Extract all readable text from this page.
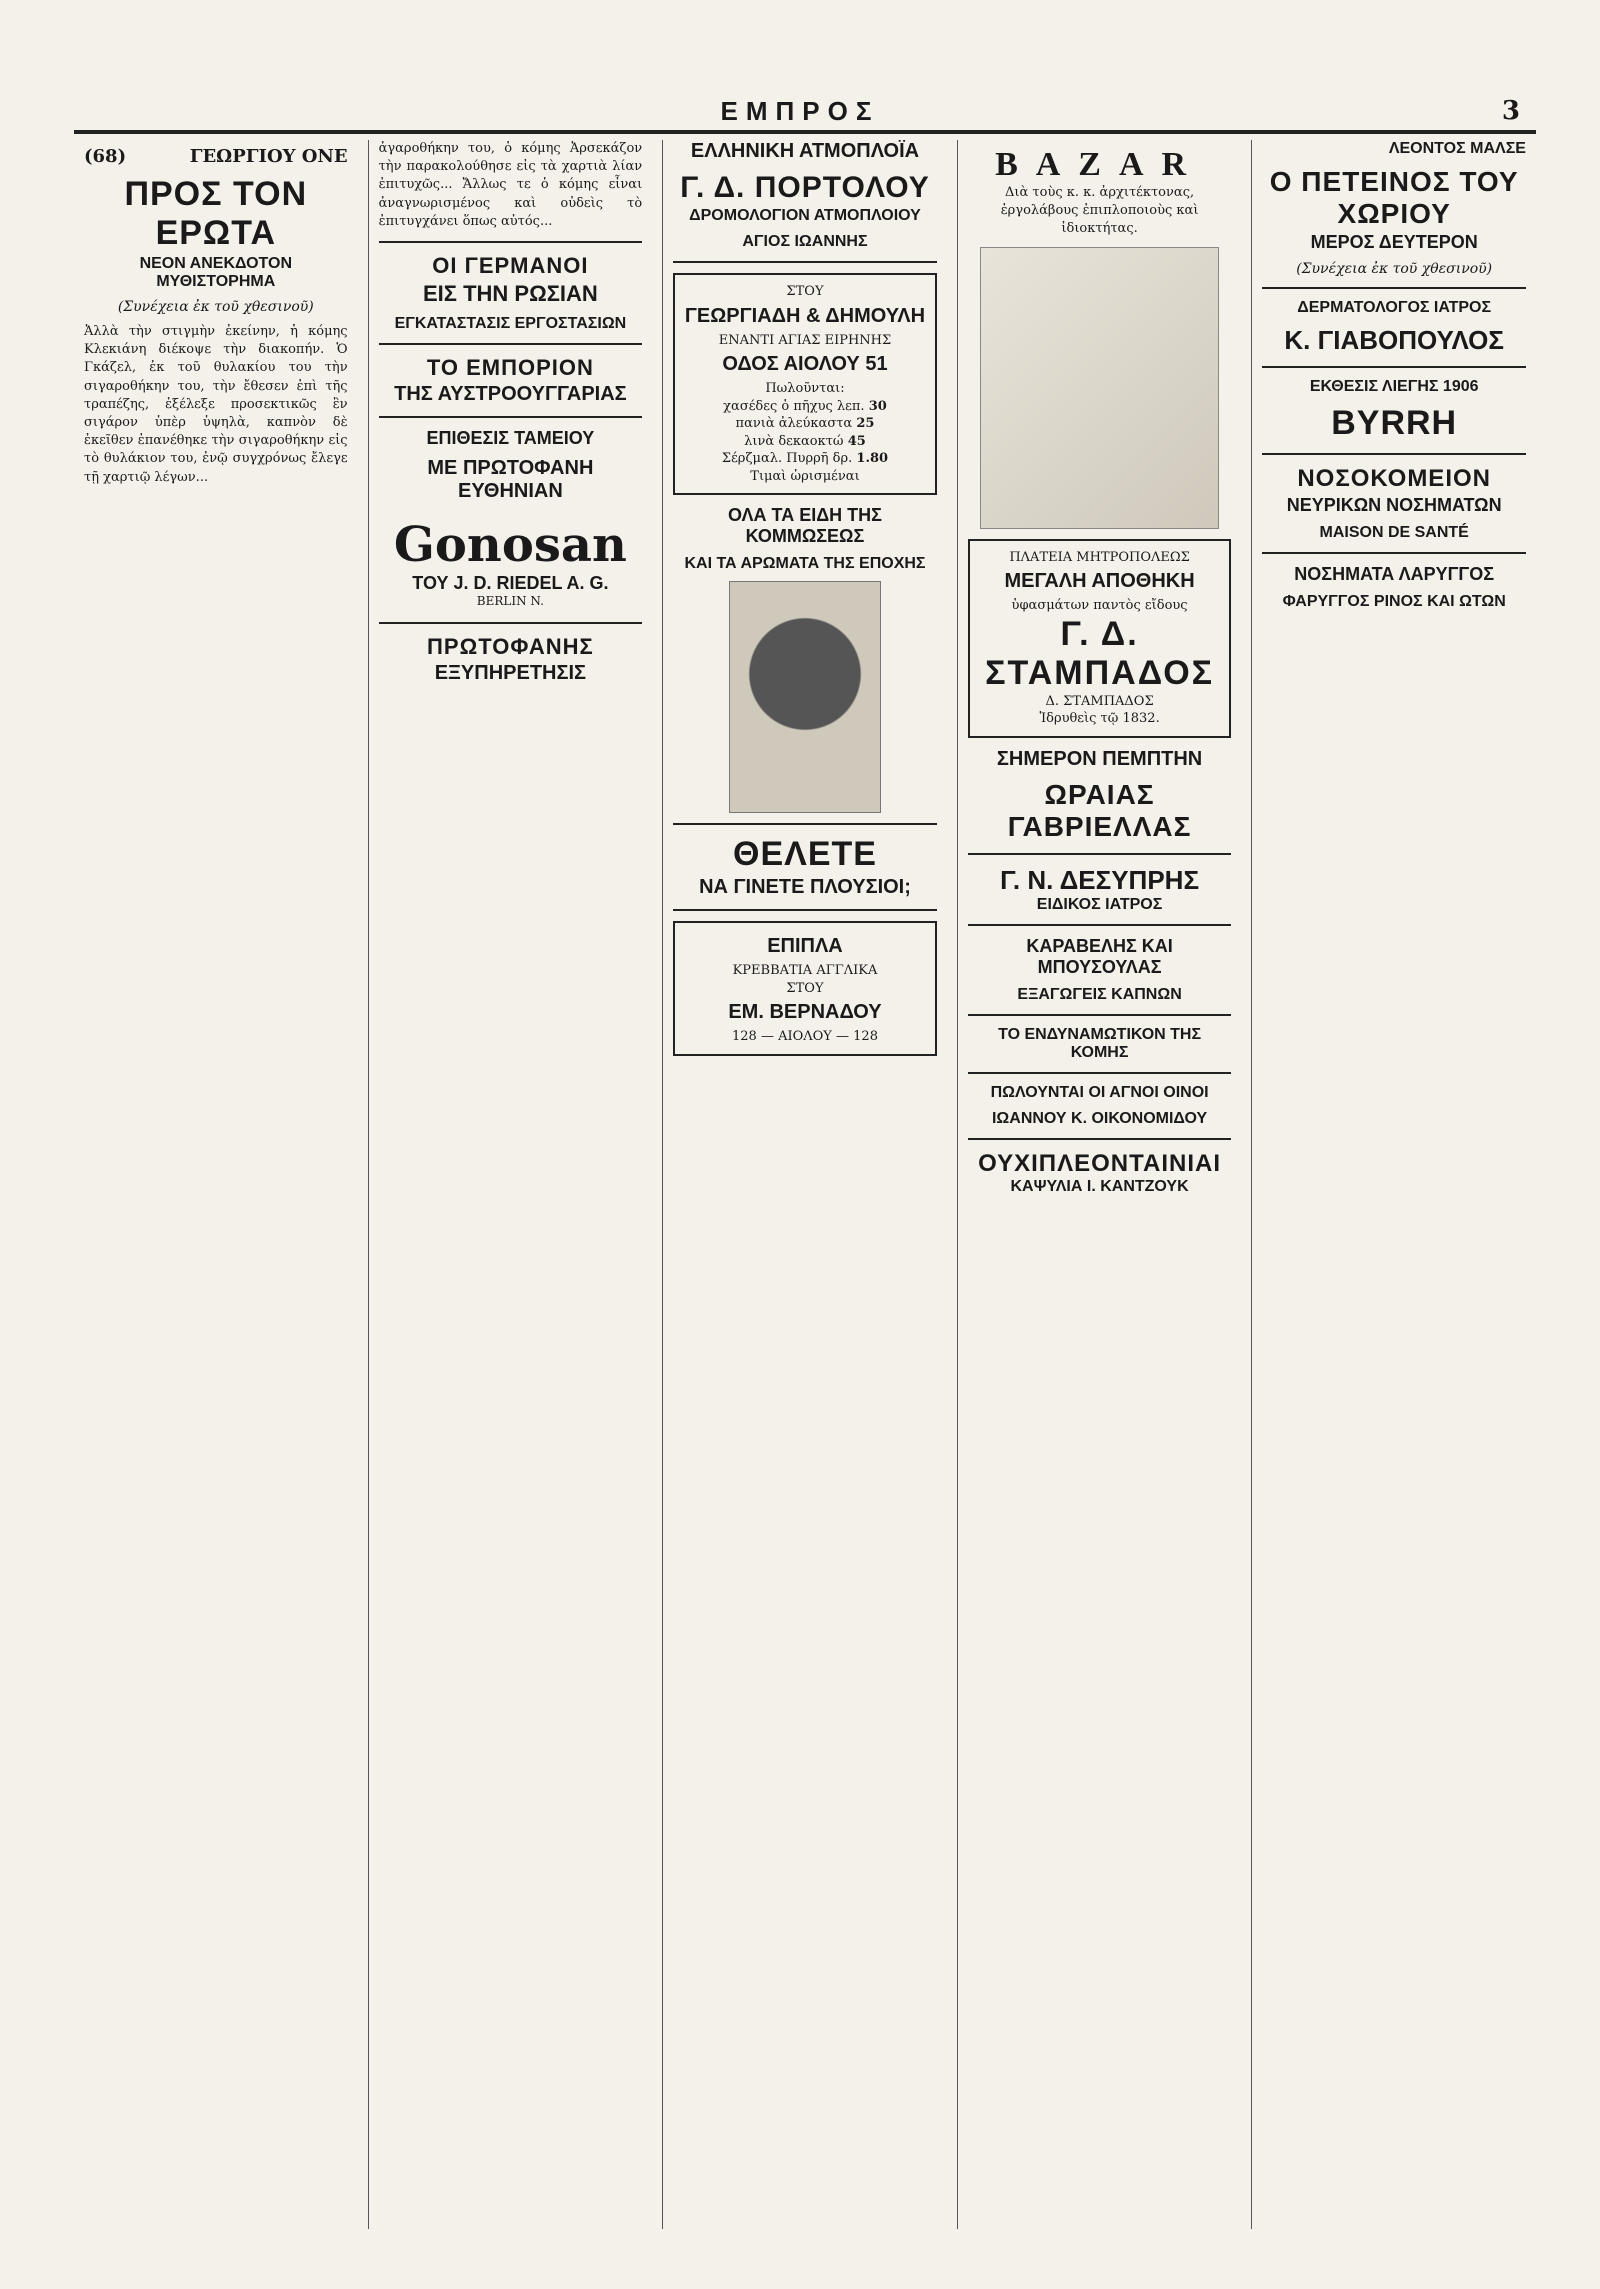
ΕΜΠΡΟΣ	3
(68)	ΓΕΩΡΓΙΟΥ ΟΝΕ
ΠΡΟΣ ΤΟΝ ΕΡΩΤΑ
ΝΕΟΝ ΑΝΕΚΔΟΤΟΝ ΜΥΘΙΣΤΟΡΗΜΑ
(Συνέχεια ἐκ τοῦ χθεσινοῦ)
Ἀλλὰ τὴν στιγμὴν ἐκείνην, ἡ κόμης Κλεκιάνη διέκοψε τὴν διακοπήν. Ὁ Γκάζελ, ἐκ τοῦ θυλακίου του τὴν σιγαροθήκην του, τὴν ἔθεσεν ἐπὶ τῆς τραπέζης, ἐξέλεξε προσεκτικῶς ἓν σιγάρον ὑπὲρ ὑψηλὰ, καπνὸν δὲ ἐκεῖθεν ἐπανέθηκε τὴν σιγαροθήκην εἰς τὸ θυλάκιον του, ἐνῷ συγχρόνως ἔλεγε τῇ χαρτιῷ λέγων...
ἀγαροθήκην του, ὁ κόμης Ἀρσεκάζον τὴν παρακολούθησε εἰς τὰ χαρτιὰ λίαν ἐπιτυχῶς... Ἄλλως τε ὁ κόμης εἶναι ἀναγνωρισμένος καὶ οὐδεὶς τὸ ἐπιτυγχάνει ὅπως αὐτός...
ΟΙ ΓΕΡΜΑΝΟΙ
ΕΙΣ ΤΗΝ ΡΩΣΙΑΝ
ΕΓΚΑΤΑΣΤΑΣΙΣ ΕΡΓΟΣΤΑΣΙΩΝ
ΤΟ ΕΜΠΟΡΙΟΝ
ΤΗΣ ΑΥΣΤΡΟΟΥΓΓΑΡΙΑΣ
ΕΠΙΘΕΣΙΣ ΤΑΜΕΙΟΥ
ΜΕ ΠΡΩΤΟΦΑΝΗ ΕΥΘΗΝΙΑΝ
Gonosan
ΤΟΥ J. D. RIEDEL A. G.
BERLIN N.
ΠΡΩΤΟΦΑΝΗΣ
ΕΞΥΠΗΡΕΤΗΣΙΣ
ΕΛΛΗΝΙΚΗ ΑΤΜΟΠΛΟΪΑ
Γ. Δ. ΠΟΡΤΟΛΟΥ
ΔΡΟΜΟΛΟΓΙΟΝ ΑΤΜΟΠΛΟΙΟΥ
ΑΓΙΟΣ ΙΩΑΝΝΗΣ
ΣΤΟΥ
ΓΕΩΡΓΙΑΔΗ & ΔΗΜΟΥΛΗ
ΕΝΑΝΤΙ ΑΓΙΑΣ ΕΙΡΗΝΗΣ
ΟΔΟΣ ΑΙΟΛΟΥ 51
Πωλοῦνται:
χασέδες ὁ πῆχυς λεπ. 30
πανιὰ ἀλεύκαστα 25
λινὰ δεκαοκτώ 45
Σέρζμαλ. Πυρρῆ δρ. 1.80
Τιμαὶ ὡρισμέναι
ΟΛΑ ΤΑ ΕΙΔΗ ΤΗΣ ΚΟΜΜΩΣΕΩΣ
ΚΑΙ ΤΑ ΑΡΩΜΑΤΑ ΤΗΣ ΕΠΟΧΗΣ
ΘΕΛΕΤΕ
ΝΑ ΓΙΝΕΤΕ ΠΛΟΥΣΙΟΙ;
ΕΠΙΠΛΑ
ΚΡΕΒΒΑΤΙΑ ΑΓΓΛΙΚΑ
ΣΤΟΥ
ΕΜ. ΒΕΡΝΑΔΟΥ
128 — ΑΙΟΛΟΥ — 128
BAZAR
Διὰ τοὺς κ. κ. ἀρχιτέκτονας, ἐργολάβους ἐπιπλοποιοὺς καὶ ἰδιοκτήτας.
ΠΛΑΤΕΙΑ ΜΗΤΡΟΠΟΛΕΩΣ
ΜΕΓΑΛΗ ΑΠΟΘΗΚΗ
ὑφασμάτων παντὸς εἴδους
Γ. Δ. ΣΤΑΜΠΑΔΟΣ
Δ. ΣΤΑΜΠΑΔΟΣ
Ἱδρυθεὶς τῷ 1832.
ΣΗΜΕΡΟΝ ΠΕΜΠΤΗΝ
ΩΡΑΙΑΣ ΓΑΒΡΙΕΛΛΑΣ
Γ. Ν. ΔΕΣΥΠΡΗΣ
ΕΙΔΙΚΟΣ ΙΑΤΡΟΣ
ΚΑΡΑΒΕΛΗΣ ΚΑΙ ΜΠΟΥΣΟΥΛΑΣ
ΕΞΑΓΩΓΕΙΣ ΚΑΠΝΩΝ
ΤΟ ΕΝΔΥΝΑΜΩΤΙΚΟΝ ΤΗΣ ΚΟΜΗΣ
ΠΩΛΟΥΝΤΑΙ ΟΙ ΑΓΝΟΙ ΟΙΝΟΙ
ΙΩΑΝΝΟΥ Κ. ΟΙΚΟΝΟΜΙΔΟΥ
ΟΥΧΙΠΛΕΟΝΤΑΙΝΙΑΙ
ΚΑΨΥΛΙΑ Ι. ΚΑΝΤΖΟΥΚ
ΛΕΟΝΤΟΣ ΜΑΛΣΕ
Ο ΠΕΤΕΙΝΟΣ ΤΟΥ ΧΩΡΙΟΥ
ΜΕΡΟΣ ΔΕΥΤΕΡΟΝ
(Συνέχεια ἐκ τοῦ χθεσινοῦ)
ΔΕΡΜΑΤΟΛΟΓΟΣ ΙΑΤΡΟΣ
Κ. ΓΙΑΒΟΠΟΥΛΟΣ
ΕΚΘΕΣΙΣ ΛΙΕΓΗΣ 1906
BYRRH
ΝΟΣΟΚΟΜΕΙΟΝ
ΝΕΥΡΙΚΩΝ ΝΟΣΗΜΑΤΩΝ
MAISON DE SANTÉ
ΝΟΣΗΜΑΤΑ ΛΑΡΥΓΓΟΣ
ΦΑΡΥΓΓΟΣ ΡΙΝΟΣ ΚΑΙ ΩΤΩΝ
